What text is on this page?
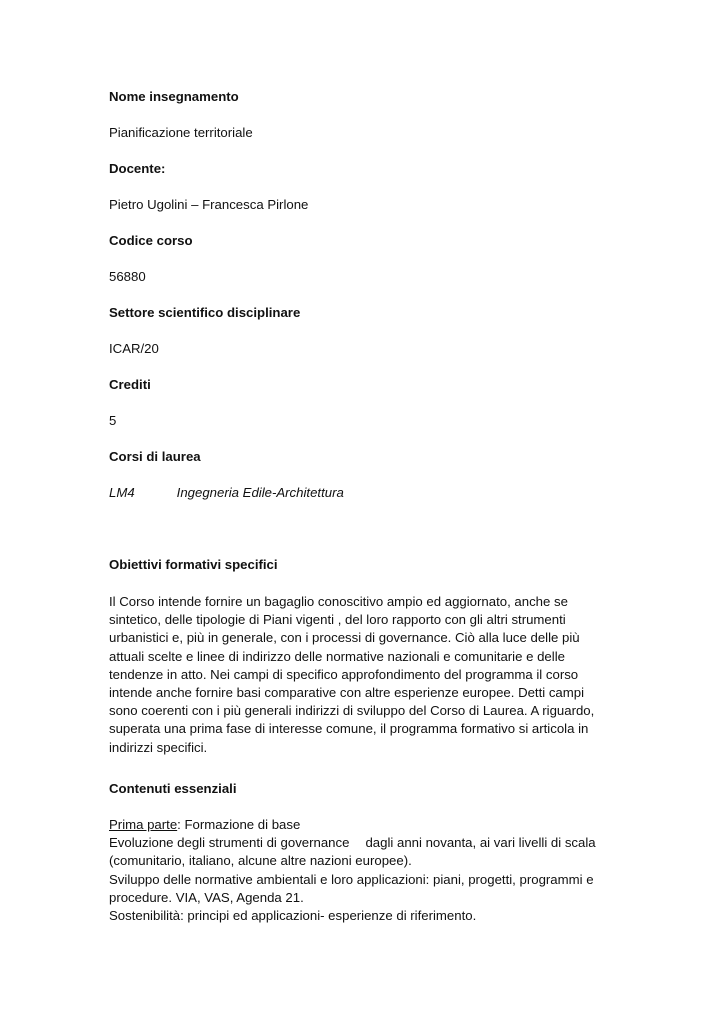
Nome insegnamento
Pianificazione territoriale
Docente:
Pietro Ugolini – Francesca Pirlone
Codice corso
56880
Settore scientifico disciplinare
ICAR/20
Crediti
5
Corsi di laurea
LM4	Ingegneria Edile-Architettura
Obiettivi formativi specifici
Il Corso intende fornire un bagaglio conoscitivo ampio ed aggiornato, anche se
sintetico, delle tipologie di Piani vigenti , del loro rapporto con gli altri strumenti
urbanistici e, più in generale, con i processi di governance. Ciò alla luce delle più
attuali scelte e linee di indirizzo delle normative nazionali e comunitarie e delle
tendenze in atto. Nei campi di specifico approfondimento del programma il corso
intende anche fornire basi comparative con altre esperienze europee. Detti campi
sono coerenti con i più generali indirizzi di sviluppo del Corso di Laurea. A riguardo,
superata una prima fase di interesse comune, il programma formativo si articola in
indirizzi specifici.
Contenuti essenziali
Prima parte: Formazione di base
Evoluzione degli strumenti di governance dagli anni novanta, ai vari livelli di scala
(comunitario, italiano, alcune altre nazioni europee).
Sviluppo delle normative ambientali e loro applicazioni: piani, progetti, programmi e
procedure. VIA, VAS, Agenda 21.
Sostenibilità: principi ed applicazioni- esperienze di riferimento.
